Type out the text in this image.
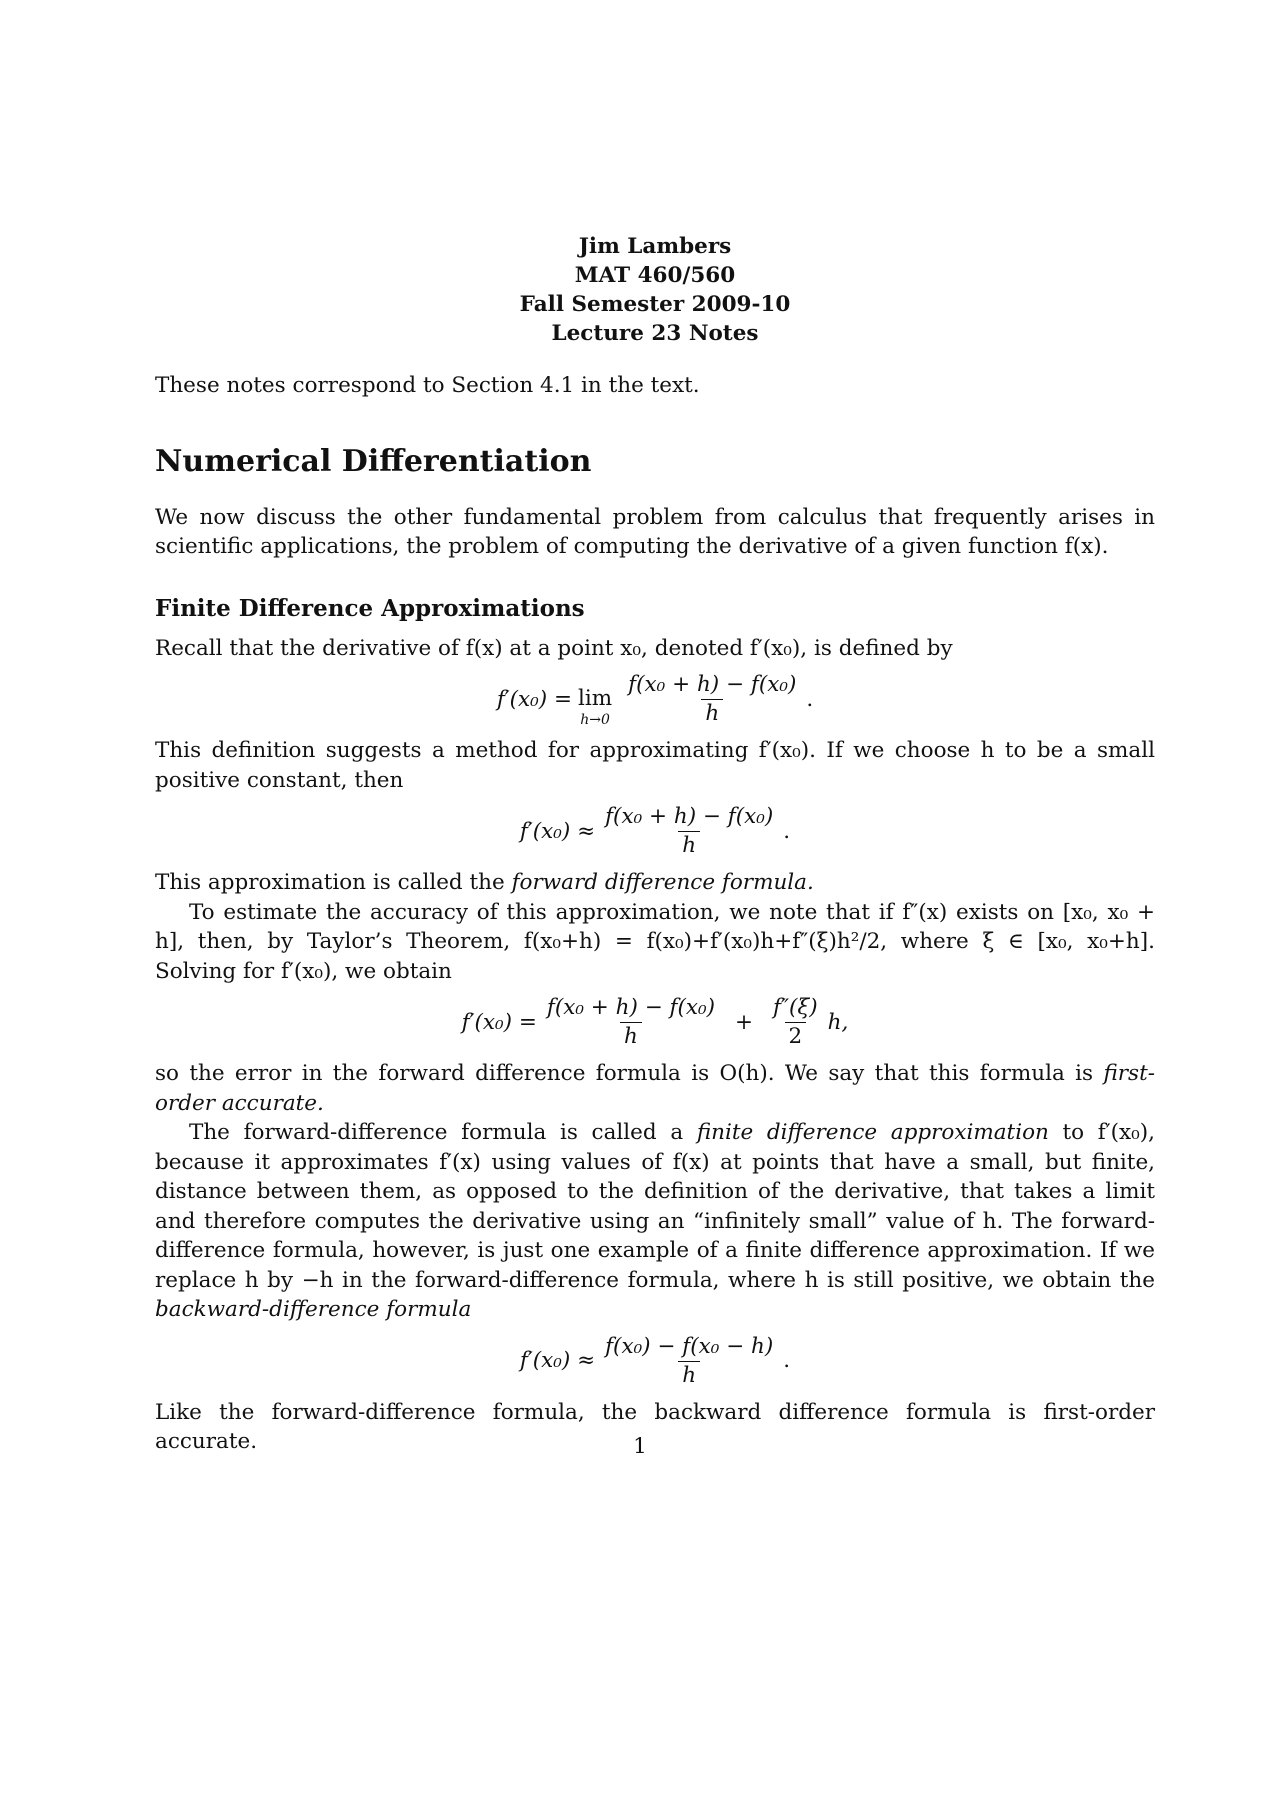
Jim Lambers
MAT 460/560
Fall Semester 2009-10
Lecture 23 Notes

These notes correspond to Section 4.1 in the text.

Numerical Differentiation

We now discuss the other fundamental problem from calculus that frequently arises in scientific applications, the problem of computing the derivative of a given function f(x).

Finite Difference Approximations

Recall that the derivative of f(x) at a point x₀, denoted f′(x₀), is defined by

f′(x₀) = lim
$h\to 0 \frac{\text{f(x₀ + h) − f(x₀)}}{h}$ .

This definition suggests a method for approximating f′(x₀). If we choose h to be a small positive constant, then

$f'(x_0) \approx \frac{\text{f(x₀ + h) − f(x₀)}}{h}$ .

This approximation is called the forward difference formula.

To estimate the accuracy of this approximation, we note that if f″(x) exists on [x₀, x₀ + h], then, by Taylor’s Theorem, f(x₀+h) = f(x₀)+f′(x₀)h+f″(ξ)h²/2, where ξ ∈ [x₀, x₀+h]. Solving for f′(x₀), we obtain

$f'(x_0) = \frac{\text{f(x₀ + h) − f(x₀)}}{h} + \frac{f''(\xi)}{2} h$,

so the error in the forward difference formula is O(h). We say that this formula is first-order accurate.

The forward-difference formula is called a finite difference approximation to f′(x₀), because it approximates f′(x) using values of f(x) at points that have a small, but finite, distance between them, as opposed to the definition of the derivative, that takes a limit and therefore computes the derivative using an “infinitely small” value of h. The forward-difference formula, however, is just one example of a finite difference approximation. If we replace h by −h in the forward-difference formula, where h is still positive, we obtain the backward-difference formula

$f'(x_0) \approx \frac{\text{f(x₀) − f(x₀ − h)}}{h}$ .

Like the forward-difference formula, the backward difference formula is first-order accurate.	1
